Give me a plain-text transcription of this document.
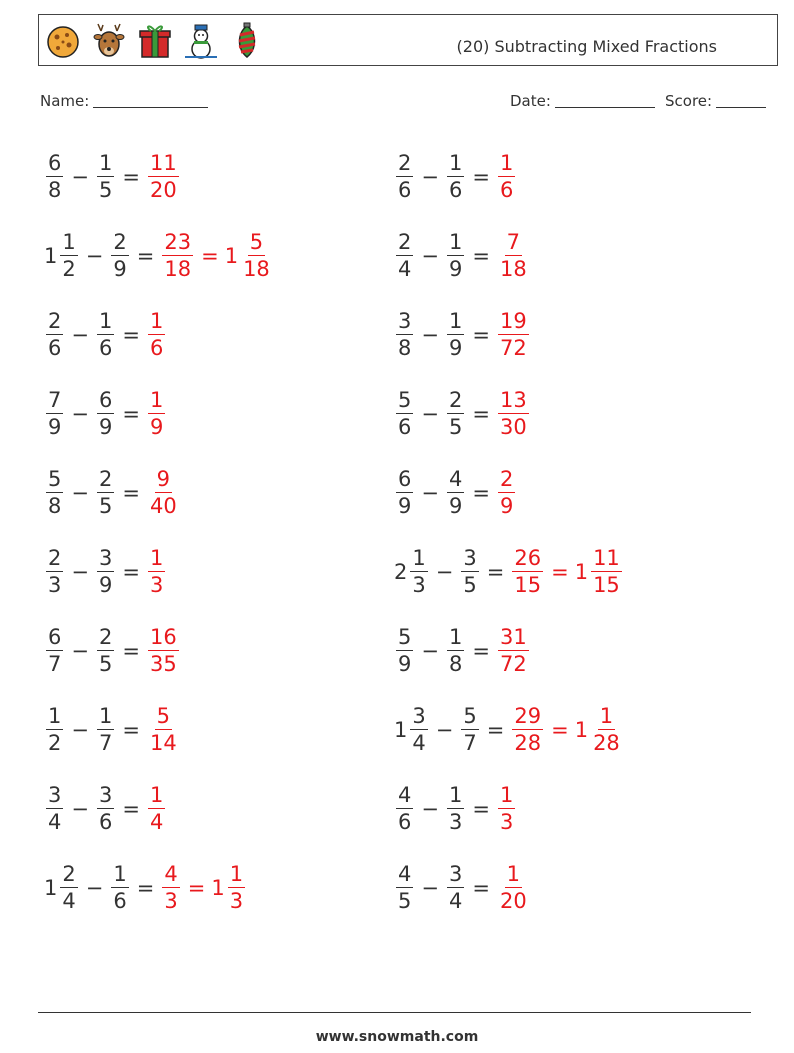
(20) Subtracting Mixed Fractions
Name:	Date:	Score:
$\frac{6}{8} - \frac{1}{5} = \frac{11}{20}$
$1 \frac{1}{2} - \frac{2}{9} = \frac{23}{18} = 1 \frac{5}{18}$
$\frac{2}{6} - \frac{1}{6} = \frac{1}{6}$
$\frac{7}{9} - \frac{6}{9} = \frac{1}{9}$
$\frac{5}{8} - \frac{2}{5} = \frac{9}{40}$
$\frac{2}{3} - \frac{3}{9} = \frac{1}{3}$
$\frac{6}{7} - \frac{2}{5} = \frac{16}{35}$
$\frac{1}{2} - \frac{1}{7} = \frac{5}{14}$
$\frac{3}{4} - \frac{3}{6} = \frac{1}{4}$
$1 \frac{2}{4} - \frac{1}{6} = \frac{4}{3} = 1 \frac{1}{3}$
$\frac{2}{6} - \frac{1}{6} = \frac{1}{6}$
$\frac{2}{4} - \frac{1}{9} = \frac{7}{18}$
$\frac{3}{8} - \frac{1}{9} = \frac{19}{72}$
$\frac{5}{6} - \frac{2}{5} = \frac{13}{30}$
$\frac{6}{9} - \frac{4}{9} = \frac{2}{9}$
$2 \frac{1}{3} - \frac{3}{5} = \frac{26}{15} = 1 \frac{11}{15}$
$\frac{5}{9} - \frac{1}{8} = \frac{31}{72}$
$1 \frac{3}{4} - \frac{5}{7} = \frac{29}{28} = 1 \frac{1}{28}$
$\frac{4}{6} - \frac{1}{3} = \frac{1}{3}$
$\frac{4}{5} - \frac{3}{4} = \frac{1}{20}$
www.snowmath.com
